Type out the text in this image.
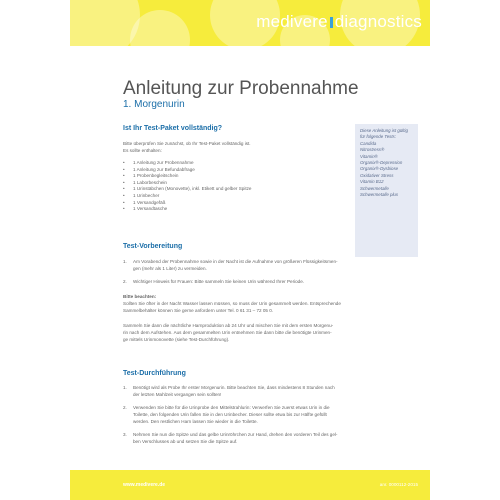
medivere diagnostics
Anleitung zur Probennahme
1. Morgenurin
Ist Ihr Test-Paket vollständig?
Bitte überprüfen Sie zunächst, ob Ihr Test-Paket vollständig ist.
Es sollte enthalten:
• 1 Anleitung zur Probennahme
• 1 Anleitung zur Befundabfrage
• 1 Probenbegleitschein
• 1 Laborbeschein
• 1 Urinstäbchen (Monovette), inkl. Etikett und gelber Spitze
• 1 Urinbecher
• 1 Versandgefäß
• 1 Versandtasche
Diese Anleitung ist gültig
für folgende Tests:
Candida
Nitrostress®
Vitamin®
Organix®-Depression
Organix®-Dysbiose
Oxidativer Stress
Vitamin B12
Schwermetalle
Schwermetalle plus
Test-Vorbereitung
1.	Am Vorabend der Probennahme sowie in der Nacht ist die Aufnahme von größeren Flüssigkeitsmen-
gen (mehr als 1 Liter) zu vermeiden.
2.	Wichtiger Hinweis für Frauen: Bitte sammeln Sie keinen Urin während Ihrer Periode.
Bitte beachten:
Sollten Sie öfter in der Nacht Wasser lassen müssen, so muss der Urin gesammelt werden. Entsprechende
Sammelbehälter können Sie gerne anfordern unter Tel. 0 61 31 – 72 05 0.
Sammeln Sie dann die nächtliche Harnproduktion ab 24 Uhr und mischen Sie mit dem ersten Morgenu-
rin nach dem Aufstehen. Aus dem gesammelten Urin entnehmen Sie dann bitte die benötigte Urinmen-
ge mittels Urinmonovette (siehe Test-Durchführung).
Test-Durchführung
1.	Benötigt wird als Probe Ihr erster Morgenurin. Bitte beachten Sie, dass mindestens 8 Stunden nach
der letzten Mahlzeit vergangen sein sollten!
2.	Verwenden Sie bitte für die Urinprobe den Mittelstrahlurin: Verwerfen Sie zuerst etwas Urin in die
Toilette, den folgenden Urin fallen Sie in den Urinbecher. Dieser sollte etwa bis zur Hälfte gefüllt
werden. Den restlichen Harn lassen Sie wieder in die Toilette.
3.	Nehmen Sie nun die Spitze und das gelbe Urinröhrchen zur Hand, drehen den vorderen Teil des gel-
ben Verschlusses ab und setzen Sie die Spitze auf.
www.medivere.de	anr. 0000112-2015
